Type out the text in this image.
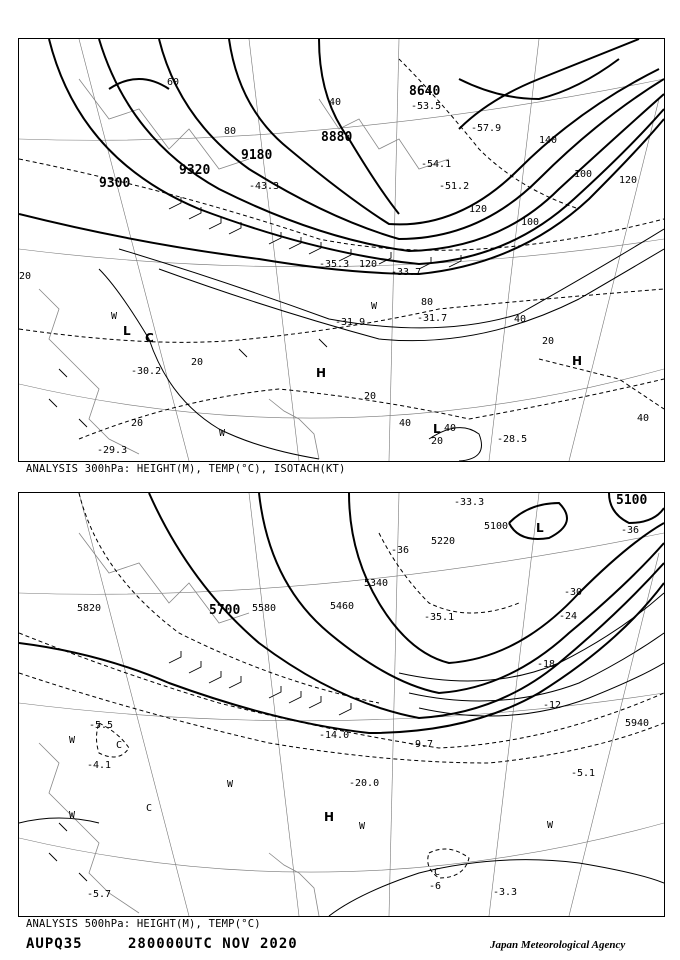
9300
9320
9180
8880
8640
60
80
40
120
100
140
120
100
120
80
40
20
20
20
20
40	40
20
40
20
L
L
H
H
C
W
W
W
-33.7
-31.7
-31.9
-29.3
-30.2
-28.5
-35.3
-43.3	-51.2
-54.1
-57.9
-53.5
ANALYSIS 300hPa: HEIGHT(M), TEMP(°C), ISOTACH(KT)
5820	5700 5580	5460
5340
5220
5100
5100
5940
-36
-30
-24
-18
-12
-6
-36
H
L
C
C
C
W
W
W
W	W
-5.5
-4.1
-3.3
-5.7
-5.1
-9.7
-14.0
-20.0
-33.3
-35.1
ANALYSIS 500hPa: HEIGHT(M), TEMP(°C)
AUPQ35	280000UTC NOV 2020	Japan Meteorological Agency
